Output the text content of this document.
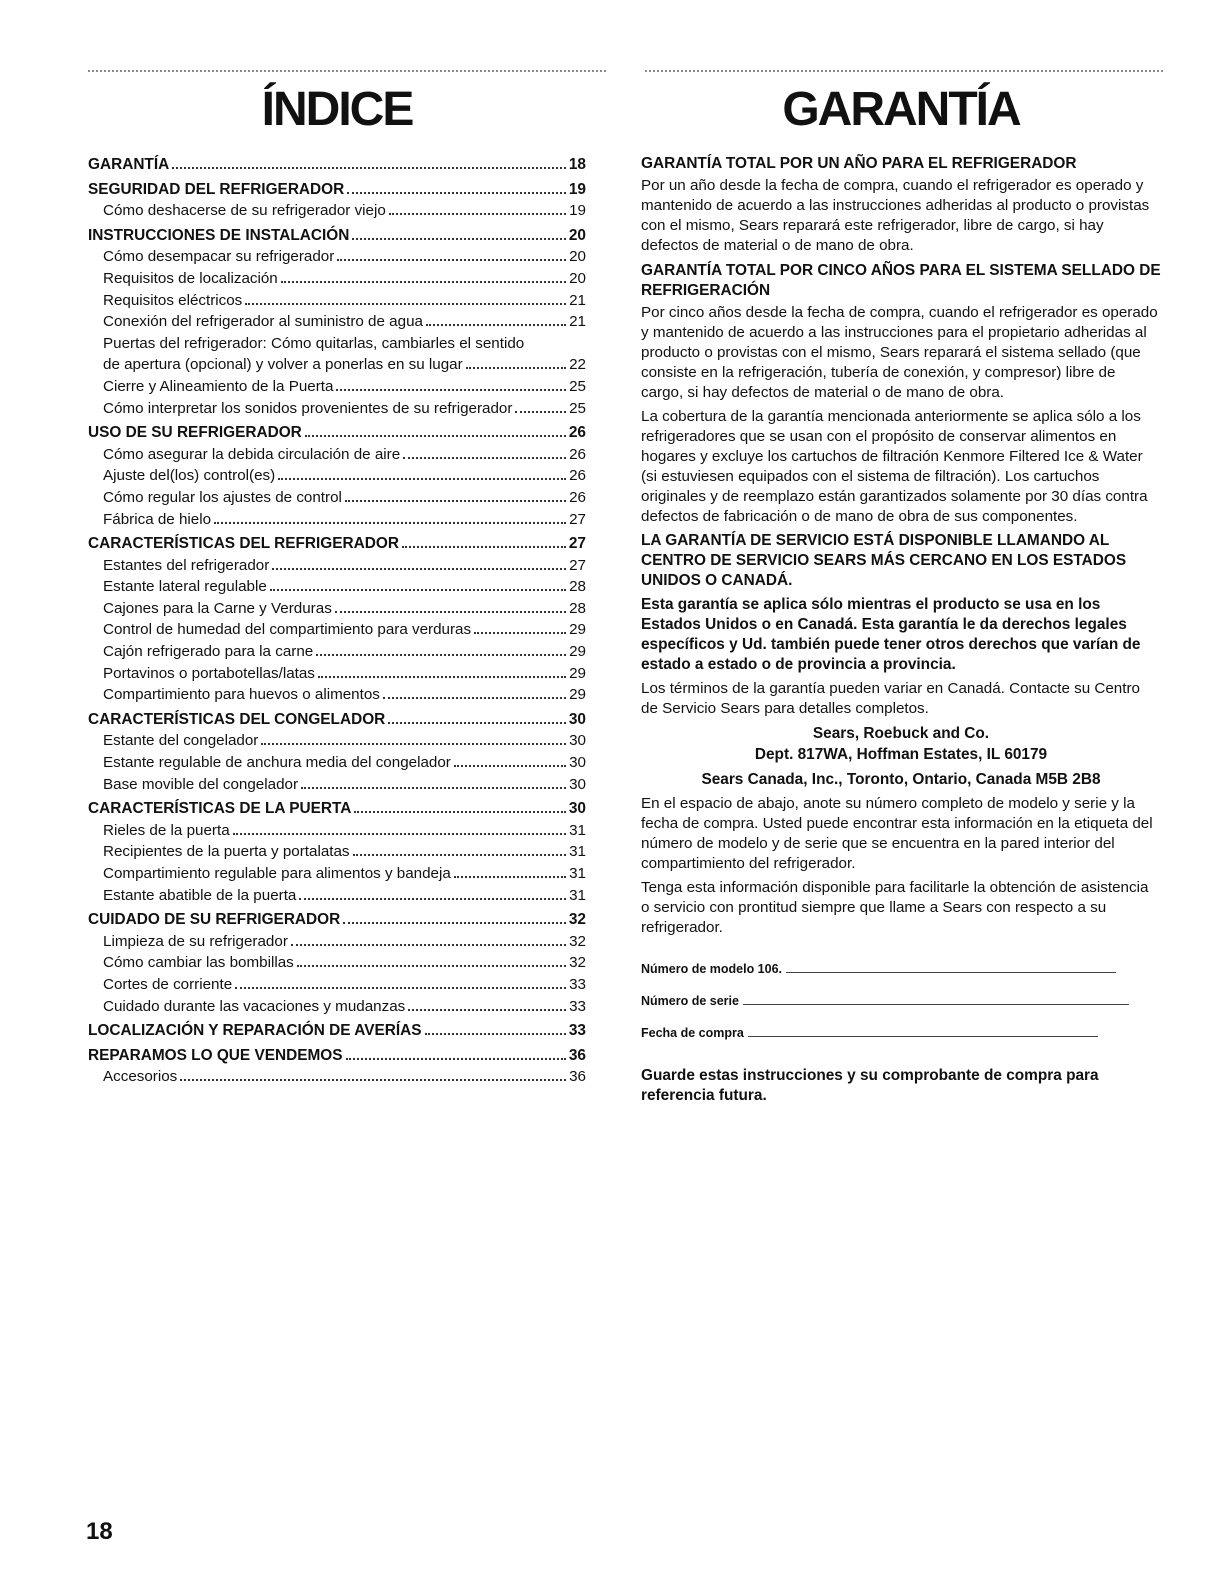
ÍNDICE
GARANTÍA	18
SEGURIDAD DEL REFRIGERADOR	19
Cómo deshacerse de su refrigerador viejo	19
INSTRUCCIONES DE INSTALACIÓN	20
Cómo desempacar su refrigerador	20
Requisitos de localización	20
Requisitos eléctricos	21
Conexión del refrigerador al suministro de agua	21
Puertas del refrigerador: Cómo quitarlas, cambiarles el sentido
de apertura (opcional) y volver a ponerlas en su lugar	22
Cierre y Alineamiento de la Puerta	25
Cómo interpretar los sonidos provenientes de su refrigerador	25
USO DE SU REFRIGERADOR	26
Cómo asegurar la debida circulación de aire	26
Ajuste del(los) control(es)	26
Cómo regular los ajustes de control	26
Fábrica de hielo	27
CARACTERÍSTICAS DEL REFRIGERADOR	27
Estantes del refrigerador	27
Estante lateral regulable	28
Cajones para la Carne y Verduras	28
Control de humedad del compartimiento para verduras	29
Cajón refrigerado para la carne	29
Portavinos o portabotellas/latas	29
Compartimiento para huevos o alimentos	29
CARACTERÍSTICAS DEL CONGELADOR	30
Estante del congelador	30
Estante regulable de anchura media del congelador	30
Base movible del congelador	30
CARACTERÍSTICAS DE LA PUERTA	30
Rieles de la puerta	31
Recipientes de la puerta y portalatas	31
Compartimiento regulable para alimentos y bandeja	31
Estante abatible de la puerta	31
CUIDADO DE SU REFRIGERADOR	32
Limpieza de su refrigerador	32
Cómo cambiar las bombillas	32
Cortes de corriente	33
Cuidado durante las vacaciones y mudanzas	33
LOCALIZACIÓN Y REPARACIÓN DE AVERÍAS	33
REPARAMOS LO QUE VENDEMOS	36
Accesorios	36
GARANTÍA
GARANTÍA TOTAL POR UN AÑO PARA EL REFRIGERADOR
Por un año desde la fecha de compra, cuando el refrigerador es operado y mantenido de acuerdo a las instrucciones adheridas al producto o provistas con el mismo, Sears reparará este refrigerador, libre de cargo, si hay defectos de material o de mano de obra.
GARANTÍA TOTAL POR CINCO AÑOS PARA EL SISTEMA SELLADO DE REFRIGERACIÓN
Por cinco años desde la fecha de compra, cuando el refrigerador es operado y mantenido de acuerdo a las instrucciones para el propietario adheridas al producto o provistas con el mismo, Sears reparará el sistema sellado (que consiste en la refrigeración, tubería de conexión, y compresor) libre de cargo, si hay defectos de material o de mano de obra.
La cobertura de la garantía mencionada anteriormente se aplica sólo a los refrigeradores que se usan con el propósito de conservar alimentos en hogares y excluye los cartuchos de filtración Kenmore Filtered Ice & Water (si estuviesen equipados con el sistema de filtración). Los cartuchos originales y de reemplazo están garantizados solamente por 30 días contra defectos de fabricación o de mano de obra de sus componentes.
LA GARANTÍA DE SERVICIO ESTÁ DISPONIBLE LLAMANDO AL CENTRO DE SERVICIO SEARS MÁS CERCANO EN LOS ESTADOS UNIDOS O CANADÁ.
Esta garantía se aplica sólo mientras el producto se usa en los Estados Unidos o en Canadá. Esta garantía le da derechos legales específicos y Ud. también puede tener otros derechos que varían de estado a estado o de provincia a provincia.
Los términos de la garantía pueden variar en Canadá. Contacte su Centro de Servicio Sears para detalles completos.
Sears, Roebuck and Co.
Dept. 817WA, Hoffman Estates, IL 60179
Sears Canada, Inc., Toronto, Ontario, Canada M5B 2B8
En el espacio de abajo, anote su número completo de modelo y serie y la fecha de compra. Usted puede encontrar esta información en la etiqueta del número de modelo y de serie que se encuentra en la pared interior del compartimiento del refrigerador.
Tenga esta información disponible para facilitarle la obtención de asistencia o servicio con prontitud siempre que llame a Sears con respecto a su refrigerador.
Número de modelo 106.
Número de serie
Fecha de compra
Guarde estas instrucciones y su comprobante de compra para referencia futura.
18
